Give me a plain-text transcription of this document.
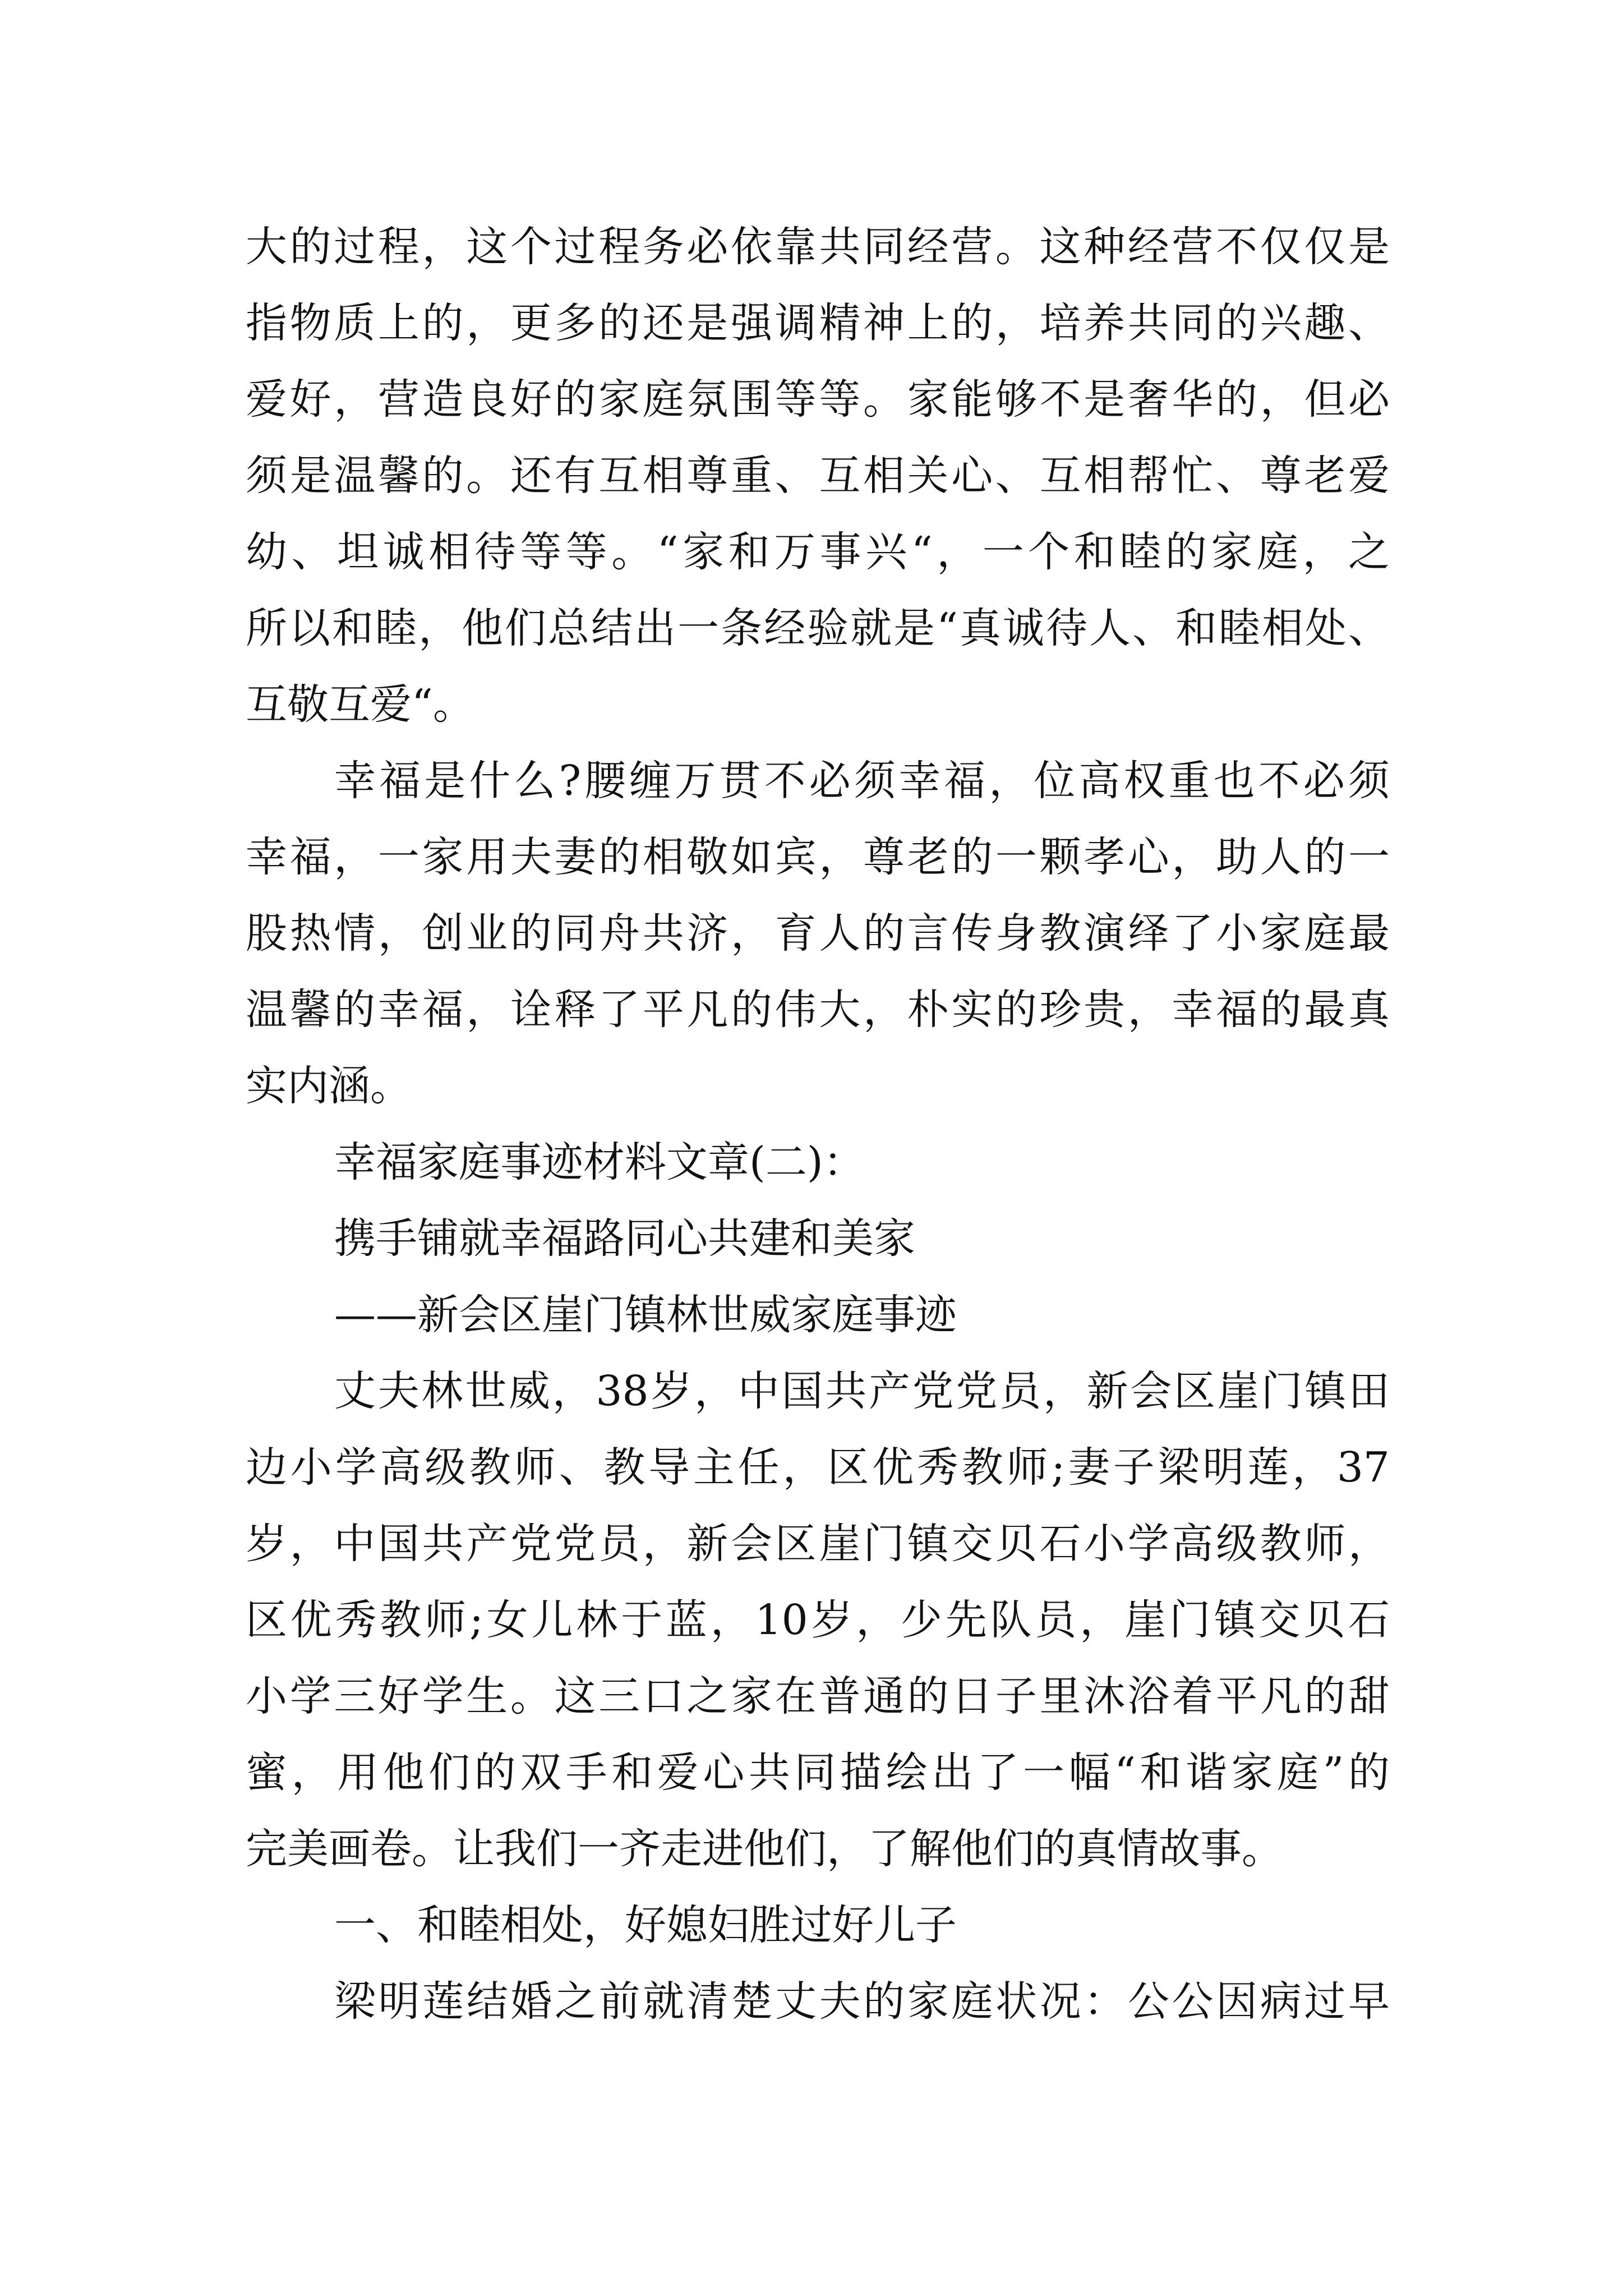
大的过程，这个过程务必依靠共同经营。这种经营不仅仅是
指物质上的，更多的还是强调精神上的，培养共同的兴趣、
爱好，营造良好的家庭氛围等等。家能够不是奢华的，但必
须是温馨的。还有互相尊重、互相关心、互相帮忙、尊老爱
幼、坦诚相待等等。“家和万事兴“，一个和睦的家庭，之
所以和睦，他们总结出一条经验就是“真诚待人、和睦相处、
互敬互爱“。
幸福是什么?腰缠万贯不必须幸福，位高权重也不必须
幸福，一家用夫妻的相敬如宾，尊老的一颗孝心，助人的一
股热情，创业的同舟共济，育人的言传身教演绎了小家庭最
温馨的幸福，诠释了平凡的伟大，朴实的珍贵，幸福的最真
实内涵。
幸福家庭事迹材料文章(二)：
携手铺就幸福路同心共建和美家
——新会区崖门镇林世威家庭事迹
丈夫林世威，38岁，中国共产党党员，新会区崖门镇田
边小学高级教师、教导主任，区优秀教师;妻子梁明莲，37
岁，中国共产党党员，新会区崖门镇交贝石小学高级教师，
区优秀教师;女儿林于蓝，10岁，少先队员，崖门镇交贝石
小学三好学生。这三口之家在普通的日子里沐浴着平凡的甜
蜜，用他们的双手和爱心共同描绘出了一幅“和谐家庭”的
完美画卷。让我们一齐走进他们，了解他们的真情故事。
一、和睦相处，好媳妇胜过好儿子
梁明莲结婚之前就清楚丈夫的家庭状况：公公因病过早
